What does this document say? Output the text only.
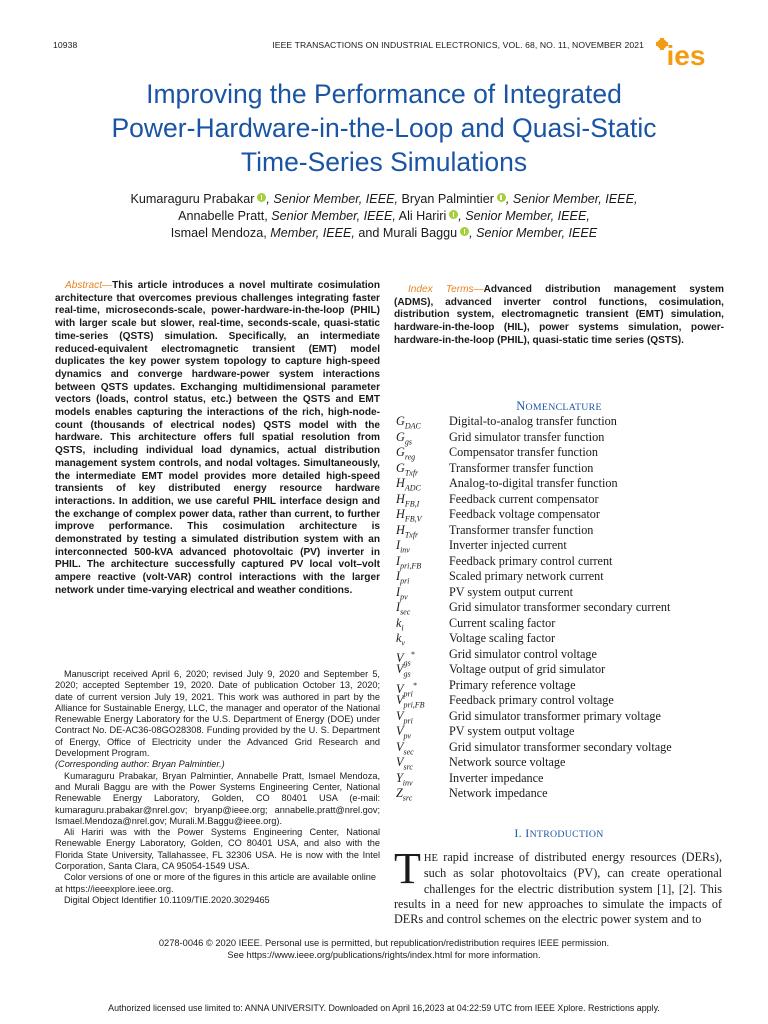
10938	IEEE TRANSACTIONS ON INDUSTRIAL ELECTRONICS, VOL. 68, NO. 11, NOVEMBER 2021 ies
Improving the Performance of Integrated
Power-Hardware-in-the-Loop and Quasi-Static
Time-Series Simulations
Kumaraguru Prabakar , Senior Member, IEEE, Bryan Palmintier , Senior Member, IEEE,
Annabelle Pratt, Senior Member, IEEE, Ali Hariri , Senior Member, IEEE,
Ismael Mendoza, Member, IEEE, and Murali Baggu , Senior Member, IEEE
Abstract—This article introduces a novel multirate cosimulation architecture that overcomes previous challenges integrating faster real-time, microseconds-scale, power-hardware-in-the-loop (PHIL) with larger scale but slower, real-time, seconds-scale, quasi-static time-series (QSTS) simulation. Specifically, an intermediate reduced-equivalent electromagnetic transient (EMT) model duplicates the key power system topology to capture high-speed dynamics and converge hardware-power system interactions between QSTS updates. Exchanging multidimensional parameter vectors (loads, control status, etc.) between the QSTS and EMT models enables capturing the interactions of the rich, high-node-count (thousands of electrical nodes) QSTS model with the hardware. This architecture offers full spatial resolution from QSTS, including individual load dynamics, actual distribution management system controls, and nodal voltages. Simultaneously, the intermediate EMT model provides more detailed high-speed transients of key distributed energy resource hardware interactions. In addition, we use careful PHIL interface design and the exchange of complex power data, rather than current, to further improve performance. This cosimulation architecture is demonstrated by testing a simulated distribution system with an interconnected 500-kVA advanced photovoltaic (PV) inverter in PHIL. The architecture successfully captured PV local volt–volt ampere reactive (volt-VAR) control interactions with the larger network under time-varying electrical and weather conditions.
Index Terms—Advanced distribution management system (ADMS), advanced inverter control functions, cosimulation, distribution system, electromagnetic transient (EMT) simulation, hardware-in-the-loop (HIL), power systems simulation, power-hardware-in-the-loop (PHIL), quasi-static time series (QSTS).

Manuscript received April 6, 2020; revised July 9, 2020 and September 5, 2020; accepted September 19, 2020. Date of publication October 13, 2020; date of current version July 19, 2021. This work was authored in part by the Alliance for Sustainable Energy, LLC, the manager and operator of the National Renewable Energy Laboratory for the U.S. Department of Energy (DOE) under Contract No. DE-AC36-08GO28308. Funding provided by the U. S. Department of Energy, Office of Electricity under the Advanced Grid Research and Development Program.

(Corresponding author: Bryan Palmintier.)

Kumaraguru Prabakar, Bryan Palmintier, Annabelle Pratt, Ismael Mendoza, and Murali Baggu are with the Power Systems Engineering Center, National Renewable Energy Laboratory, Golden, CO 80401 USA (e-mail: kumaraguru.prabakar@nrel.gov; bryanp@ieee.org; annabelle.pratt@nrel.gov; Ismael.Mendoza@nrel.gov; Murali.M.Baggu@ieee.org).

Ali Hariri was with the Power Systems Engineering Center, National Renewable Energy Laboratory, Golden, CO 80401 USA, and also with the Florida State University, Tallahassee, FL 32306 USA. He is now with the Intel Corporation, Santa Clara, CA 95054-1549 USA.

Color versions of one or more of the figures in this article are available online at https://ieeexplore.ieee.org.

Digital Object Identifier 10.1109/TIE.2020.3029465

NOMENCLATURE
$G_{DAC}$ Digital-to-analog transfer function
$G_{gs}$	Grid simulator transfer function
$G_{reg}$	Compensator transfer function
$G_{Txfr}$	Transformer transfer function
$H_{ADC}$ Analog-to-digital transfer function
$H_{FB,I}$ Feedback current compensator
$H_{FB,V}$ Feedback voltage compensator
$H_{Txfr}$	Transformer transfer function
$I_{inv}$	Inverter injected current
$I_{pri,FB}$ Feedback primary control current
$I_{pri}$	Scaled primary network current
$I_{pv}$	PV system output current
$I_{sec}$	Grid simulator transformer secondary current
$k_i$	Current scaling factor
$k_v$	Voltage scaling factor
$V_{gs}^*$	Grid simulator control voltage
$V_{gs}$	Voltage output of grid simulator
$V_{pri}^*$	Primary reference voltage
$V_{pri,FB}$ Feedback primary control voltage
$V_{pri}$	Grid simulator transformer primary voltage
$V_{pv}$	PV system output voltage
$V_{sec}$	Grid simulator transformer secondary voltage
$V_{src}$	Network source voltage
$Y_{inv}$	Inverter impedance
$Z_{src}$	Network impedance
I. INTRODUCTION
THE rapid increase of distributed energy resources (DERs), such as solar photovoltaics (PV), can create operational challenges for the electric distribution system [1], [2]. This results in a need for new approaches to simulate the impacts of DERs and control schemes on the electric power system and to
0278-0046 © 2020 IEEE. Personal use is permitted, but republication/redistribution requires IEEE permission.
See https://www.ieee.org/publications/rights/index.html for more information.
Authorized licensed use limited to: ANNA UNIVERSITY. Downloaded on April 16,2023 at 04:22:59 UTC from IEEE Xplore. Restrictions apply.
